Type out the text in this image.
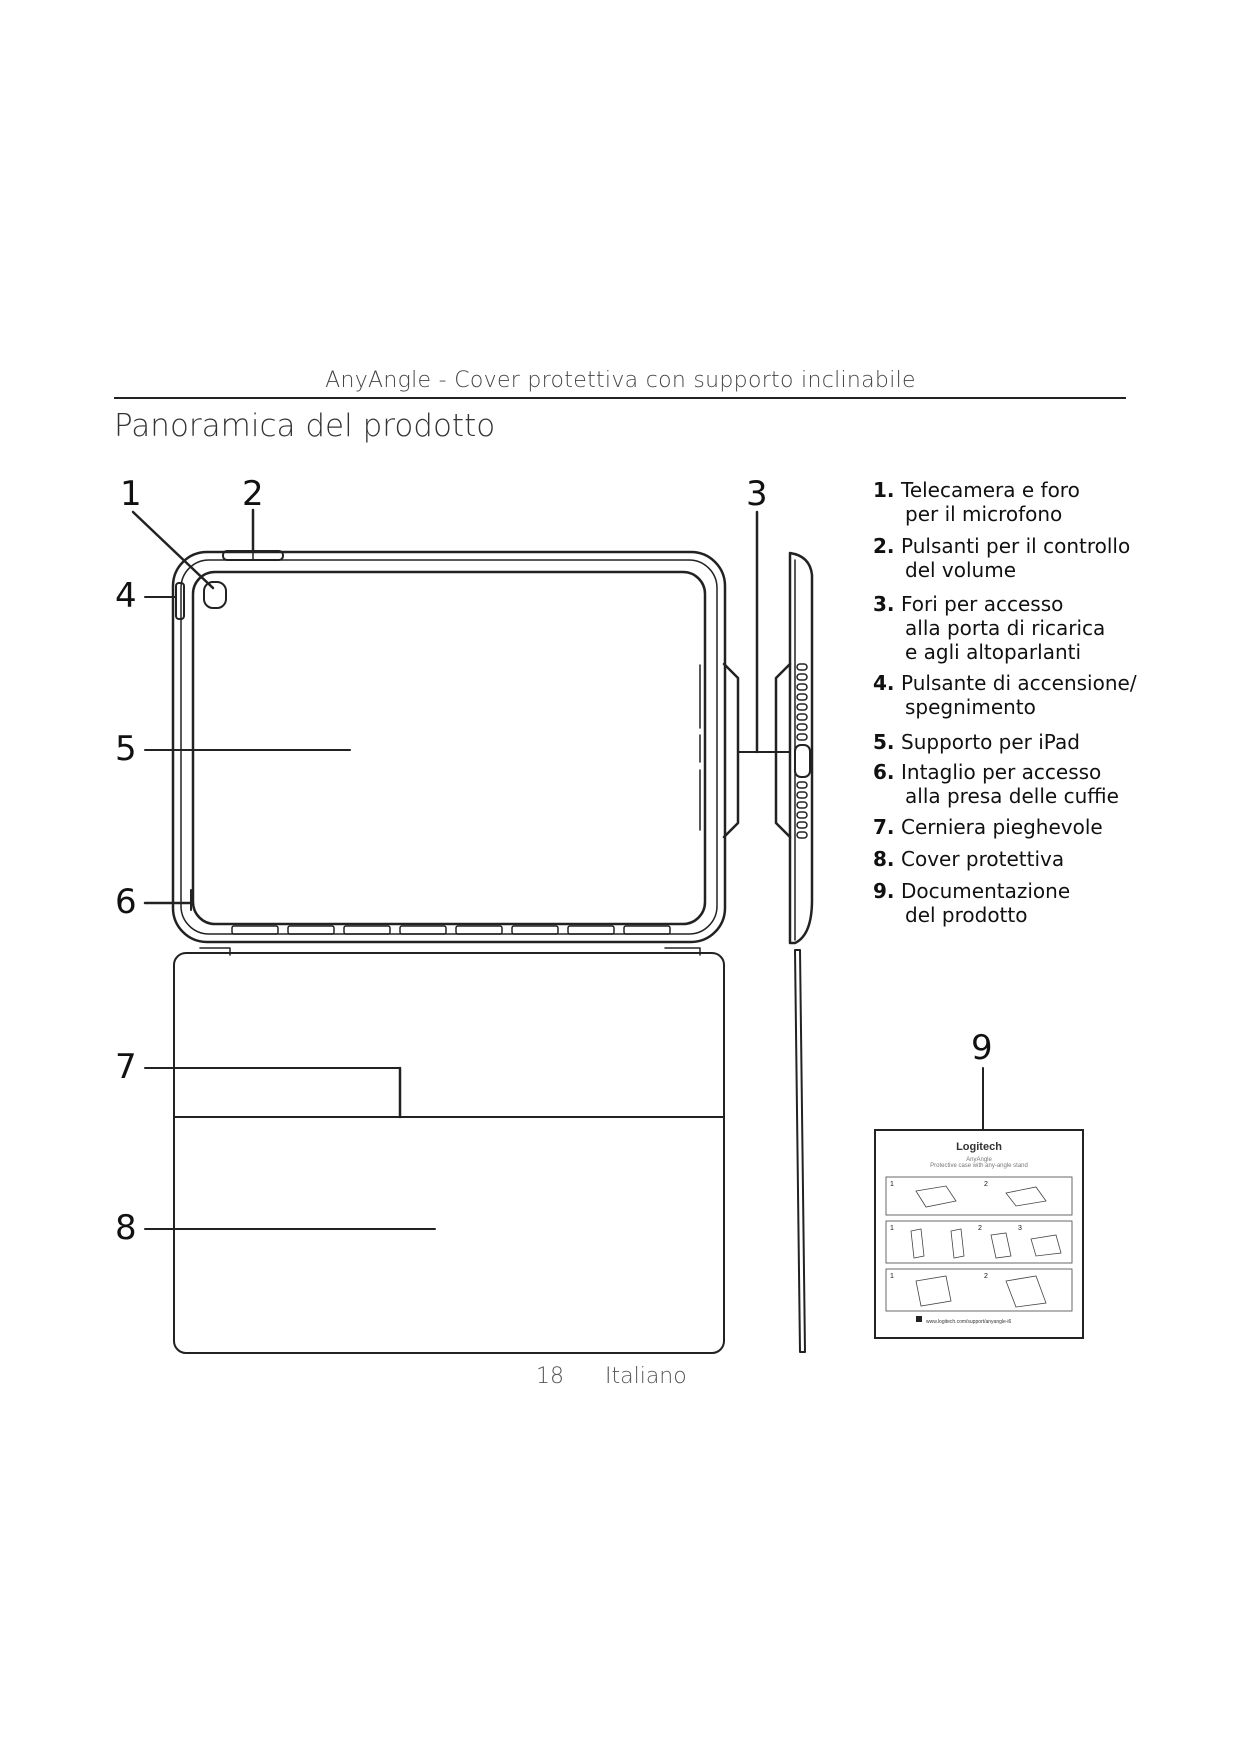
AnyAngle - Cover protettiva con supporto inclinabile
Panoramica del prodotto
1	2	3
4
5
6
7
8
9
1. Telecamera e foro
per il microfono
2. Pulsanti per il controllo
del volume
3. Fori per accesso
alla porta di ricarica
e agli altoparlanti
4. Pulsante di accensione/
spegnimento
5. Supporto per iPad
6. Intaglio per accesso
alla presa delle cuffie
7. Cerniera pieghevole
8. Cover protettiva
9. Documentazione
del prodotto
Logitech
AnyAngle
Protective case with any-angle stand
1	2
1	2	3
1	2
www.logitech.com/support/anyangle-i6
18 Italiano
